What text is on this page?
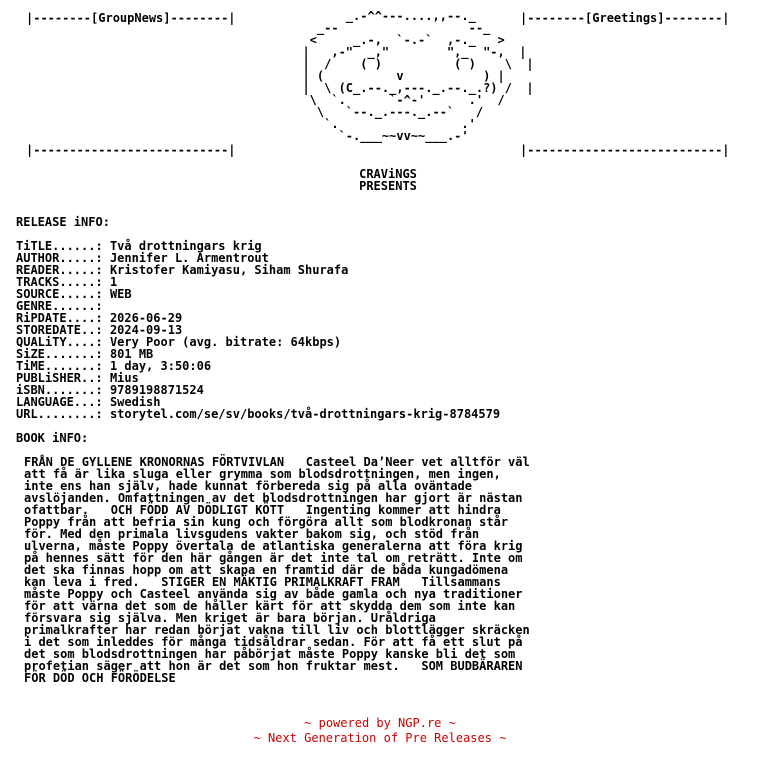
|--------[GroupNews]--------|
|---------------------------|
|--------[Greetings]--------|
|---------------------------|
_.-^^---....,,--._
_--                  --_
<     _.-,  `-.-`  ,-._   >
|   ,-"  _,"        ",_  "-,  |
|  /    ( )          ( )    \  |
| (          v           ) |
|  \ (C_.--._,---._.--._.?) /  |
\  `.      `-^-'      .'  /
\   `--._.---._.--`   /
`.                 .'
`-.___~~vv~~___.-'
CRAViNGS
PRESENTS
RELEASE iNFO:
TiTLE......: Två drottningars krig
AUTHOR.....: Jennifer L. Armentrout
READER.....: Kristofer Kamiyasu, Siham Shurafa
TRACKS.....: 1
SOURCE.....: WEB
GENRE......:
RiPDATE....: 2026-06-29
STOREDATE..: 2024-09-13
QUALiTY....: Very Poor (avg. bitrate: 64kbps)
SiZE.......: 801 MB
TiME.......: 1 day, 3:50:06
PUBLiSHER..: Mius
iSBN.......: 9789198871524
LANGUAGE...: Swedish
URL........: storytel.com/se/sv/books/två-drottningars-krig-8784579
BOOK iNFO:
FRÅN DE GYLLENE KRONORNAS FÖRTVIVLAN   Casteel Da’Neer vet alltför väl
att få är lika sluga eller grymma som blodsdrottningen, men ingen,
inte ens han själv, hade kunnat förbereda sig på alla oväntade
avslöjanden. Omfattningen av det blodsdrottningen har gjort är nästan
ofattbar.   OCH FÖDD AV DÖDLIGT KÖTT   Ingenting kommer att hindra
Poppy från att befria sin kung och förgöra allt som blodkronan står
för. Med den primala livsgudens vakter bakom sig, och stöd från
ulverna, måste Poppy övertala de atlantiska generalerna att föra krig
på hennes sätt för den här gången är det inte tal om reträtt. Inte om
det ska finnas hopp om att skapa en framtid där de båda kungadömena
kan leva i fred.   STIGER EN MÄKTIG PRIMALKRAFT FRAM   Tillsammans
måste Poppy och Casteel använda sig av både gamla och nya traditioner
för att värna det som de håller kärt för att skydda dem som inte kan
försvara sig själva. Men kriget är bara början. Uråldriga
primalkrafter har redan börjat vakna till liv och blottlägger skräcken
i det som inleddes för många tidsåldrar sedan. För att få ett slut på
det som blodsdrottningen har påbörjat måste Poppy kanske bli det som
profetian säger att hon är det som hon fruktar mest.   SOM BUDBÄRAREN
FÖR DÖD OCH FÖRÖDELSE
~ powered by NGP.re ~
~ Next Generation of Pre Releases ~
